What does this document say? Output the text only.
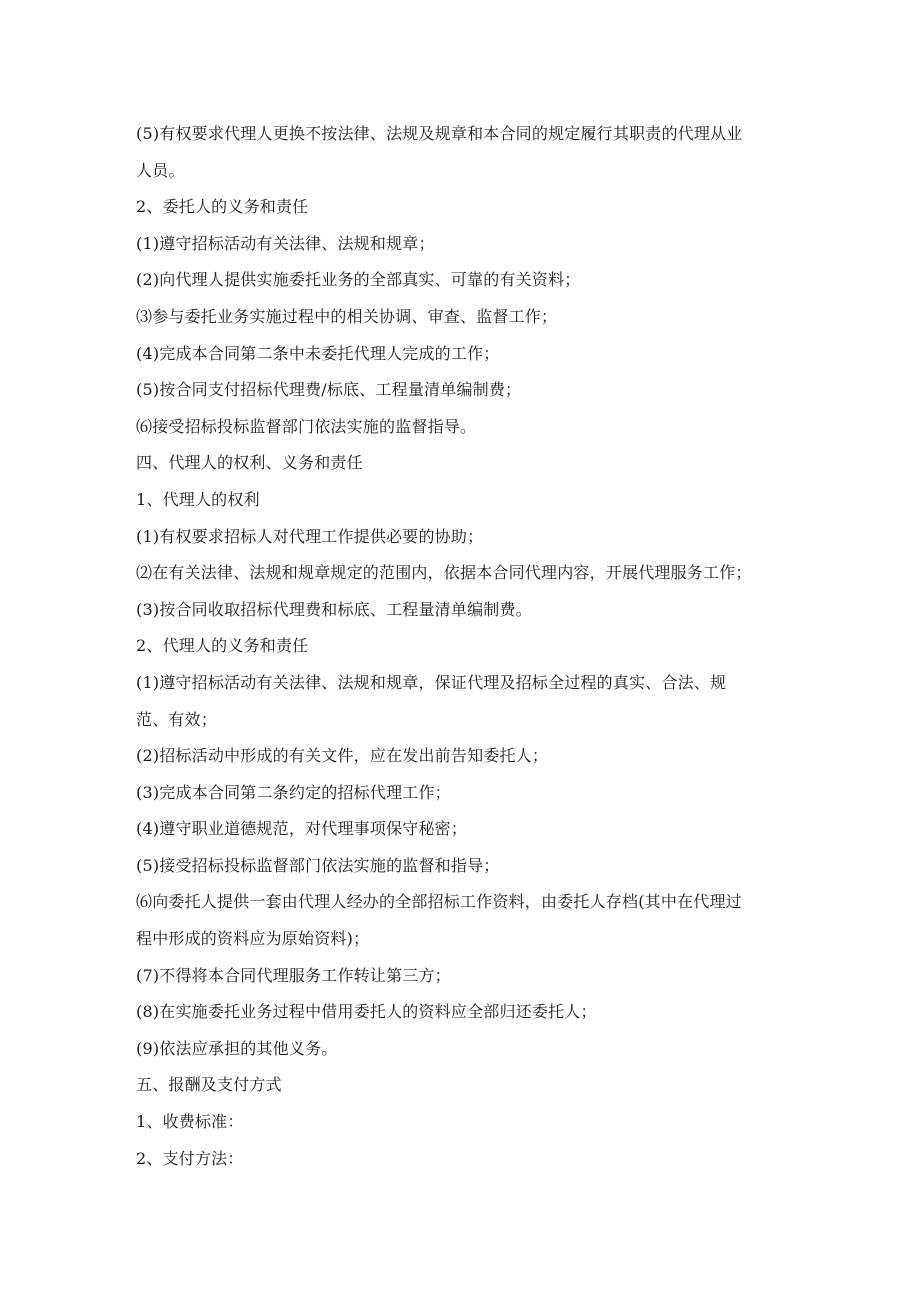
(5)有权要求代理人更换不按法律、法规及规章和本合同的规定履行其职责的代理从业

人员。

2、委托人的义务和责任

(1)遵守招标活动有关法律、法规和规章；

(2)向代理人提供实施委托业务的全部真实、可靠的有关资料；

⑶参与委托业务实施过程中的相关协调、审查、监督工作；

(4)完成本合同第二条中未委托代理人完成的工作；

(5)按合同支付招标代理费/标底、工程量清单编制费；

⑹接受招标投标监督部门依法实施的监督指导。

四、代理人的权利、义务和责任

1、代理人的权利

(1)有权要求招标人对代理工作提供必要的协助；

⑵在有关法律、法规和规章规定的范围内，依据本合同代理内容，开展代理服务工作；

(3)按合同收取招标代理费和标底、工程量清单编制费。

2、代理人的义务和责任

(1)遵守招标活动有关法律、法规和规章，保证代理及招标全过程的真实、合法、规

范、有效；

(2)招标活动中形成的有关文件，应在发出前告知委托人；

(3)完成本合同第二条约定的招标代理工作；

(4)遵守职业道德规范，对代理事项保守秘密；

(5)接受招标投标监督部门依法实施的监督和指导；

⑹向委托人提供一套由代理人经办的全部招标工作资料，由委托人存档(其中在代理过

程中形成的资料应为原始资料)；

(7)不得将本合同代理服务工作转让第三方；

(8)在实施委托业务过程中借用委托人的资料应全部归还委托人；

(9)依法应承担的其他义务。

五、报酬及支付方式

1、收费标准：

2、支付方法：
